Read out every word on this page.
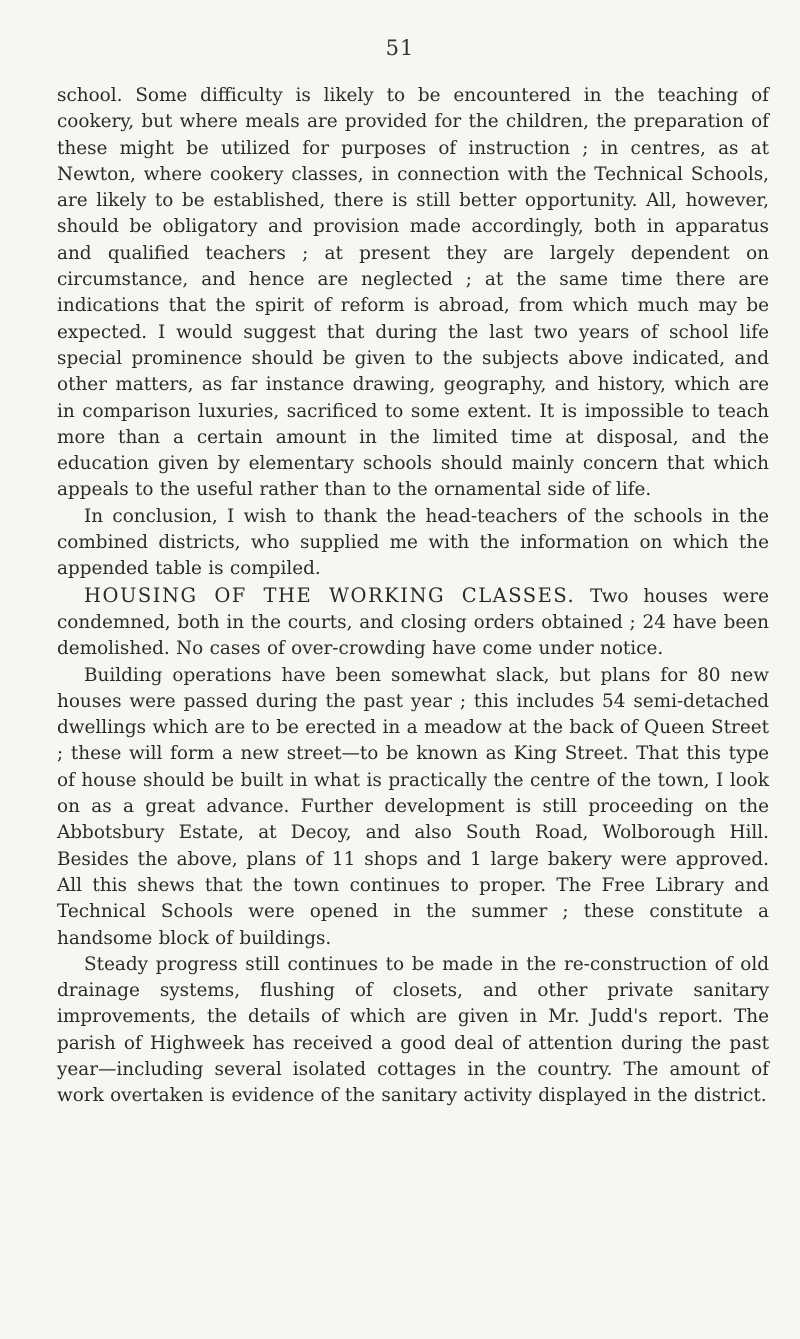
51

school. Some difficulty is likely to be encountered in the teaching of cookery, but where meals are provided for the children, the preparation of these might be utilized for purposes of instruction ; in centres, as at Newton, where cookery classes, in connection with the Technical Schools, are likely to be established, there is still better opportunity. All, however, should be obligatory and provision made accordingly, both in apparatus and qualified teachers ; at present they are largely dependent on circumstance, and hence are neglected ; at the same time there are indications that the spirit of reform is abroad, from which much may be expected. I would suggest that during the last two years of school life special prominence should be given to the subjects above indicated, and other matters, as far instance drawing, geography, and history, which are in comparison luxuries, sacrificed to some extent. It is impossible to teach more than a certain amount in the limited time at disposal, and the education given by elementary schools should mainly concern that which appeals to the useful rather than to the ornamental side of life.

In conclusion, I wish to thank the head-teachers of the schools in the combined districts, who supplied me with the information on which the appended table is compiled.

HOUSING OF THE WORKING CLASSES. Two houses were condemned, both in the courts, and closing orders obtained ; 24 have been demolished. No cases of over-crowding have come under notice.

Building operations have been somewhat slack, but plans for 80 new houses were passed during the past year ; this includes 54 semi-detached dwellings which are to be erected in a meadow at the back of Queen Street ; these will form a new street—to be known as King Street. That this type of house should be built in what is practically the centre of the town, I look on as a great advance. Further development is still proceeding on the Abbotsbury Estate, at Decoy, and also South Road, Wolborough Hill. Besides the above, plans of 11 shops and 1 large bakery were approved. All this shews that the town continues to proper. The Free Library and Technical Schools were opened in the summer ; these constitute a handsome block of buildings.

Steady progress still continues to be made in the re-construction of old drainage systems, flushing of closets, and other private sanitary improvements, the details of which are given in Mr. Judd's report. The parish of Highweek has received a good deal of attention during the past year—including several isolated cottages in the country. The amount of work overtaken is evidence of the sanitary activity displayed in the district.
